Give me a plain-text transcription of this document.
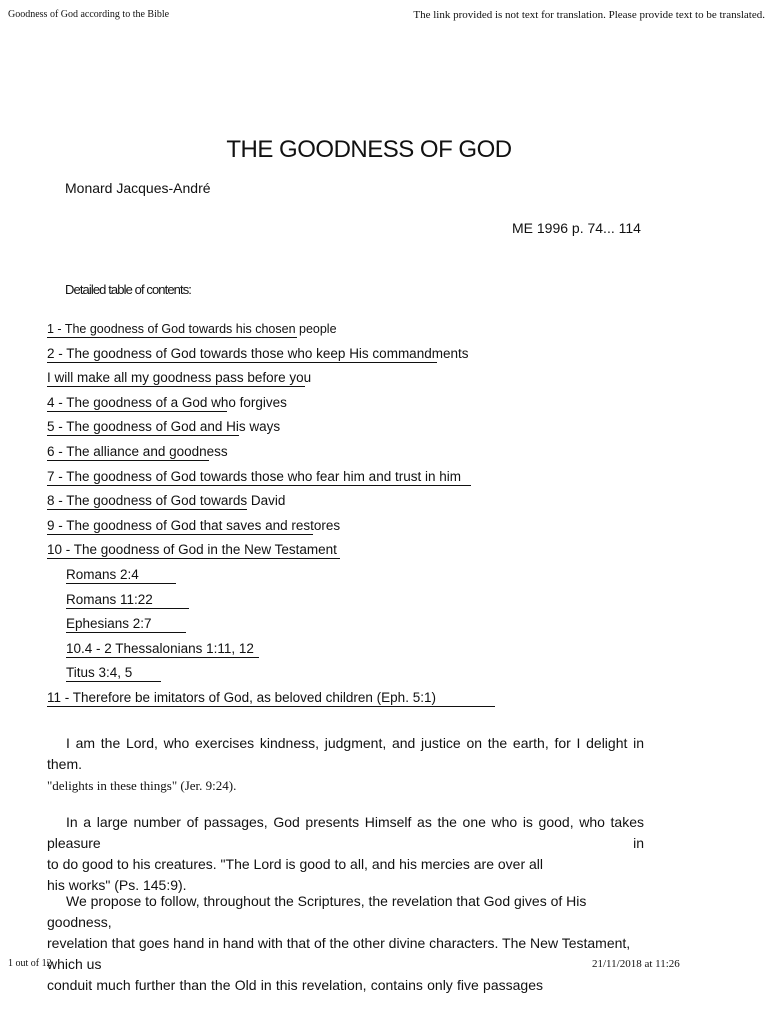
Goodness of God according to the Bible	The link provided is not text for translation. Please provide text to be translated.
THE GOODNESS OF GOD
Monard Jacques-André
ME 1996 p. 74... 114
Detailed table of contents:
1 - The goodness of God towards his chosen people
2 - The goodness of God towards those who keep His commandments
I will make all my goodness pass before you
4 - The goodness of a God who forgives
5 - The goodness of God and His ways
6 - The alliance and goodness
7 - The goodness of God towards those who fear him and trust in him
8 - The goodness of God towards David
9 - The goodness of God that saves and restores
10 - The goodness of God in the New Testament
Romans 2:4
Romans 11:22
Ephesians 2:7
10.4 - 2 Thessalonians 1:11, 12
Titus 3:4, 5
11 - Therefore be imitators of God, as beloved children (Eph. 5:1)
I am the Lord, who exercises kindness, judgment, and justice on the earth, for I delight in them.
"delights in these things" (Jer. 9:24).
In a large number of passages, God presents Himself as the one who is good, who takes pleasure in
to do good to his creatures. "The Lord is good to all, and his mercies are over all
his works" (Ps. 145:9).
We propose to follow, throughout the Scriptures, the revelation that God gives of His goodness,
revelation that goes hand in hand with that of the other divine characters. The New Testament, which us
conduit much further than the Old in this revelation, contains only five passages
1 out of 12	21/11/2018 at 11:26
